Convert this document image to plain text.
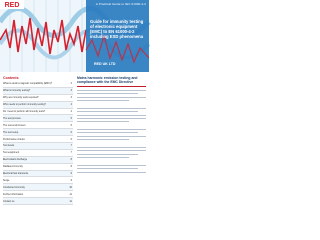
A Practical Guide to IEC 61000-4-2
RED
Guide for immunity testing of electronic equipment (EMC) to EN 61000-4-2 including ESD phenomena
RED UK LTD
Contents
What is electro-magnetic compatibility (EMC)?	3
What is immunity testing?	3
Why are immunity tests required?	3
Who needs to perform immunity testing?	4
Do I need to perform all immunity tests?	4
The test process	5
The test environment	5
The test setup	6
Performance criteria	6
Test levels	7
Test equipment	7
Electrostatic discharge	8
Radiated immunity	8
Electrical fast transients	9
Surge	9
Conducted immunity	10
Further information	11
Contact us	11
Mains harmonic emission testing and compliance with the EMC Directive
